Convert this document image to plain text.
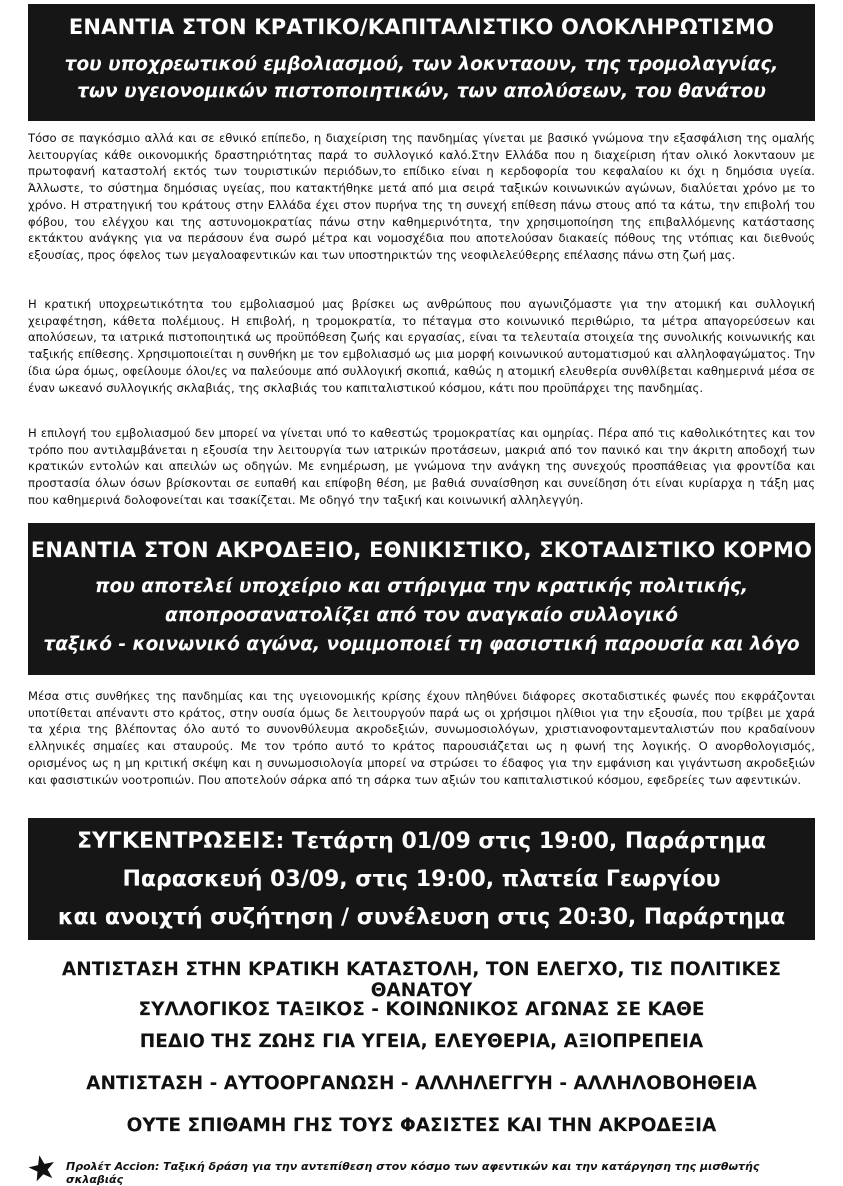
ΕΝΑΝΤΙΑ ΣΤΟΝ ΚΡΑΤΙΚΟ/ΚΑΠΙΤΑΛΙΣΤΙΚΟ ΟΛΟΚΛΗΡΩΤΙΣΜΟ

του υποχρεωτικού εμβολιασμού, των λοκνταουν, της τρομολαγνίας,

των υγειονομικών πιστοποιητικών, των απολύσεων, του θανάτου

Τόσο σε παγκόσμιο αλλά και σε εθνικό επίπεδο, η διαχείριση της πανδημίας γίνεται με βασικό γνώμονα την εξασφάλιση της ομαλής λειτουργίας κάθε οικονομικής δραστηριότητας παρά το συλλογικό καλό.Στην Ελλάδα που η διαχείριση ήταν ολικό λοκνταουν με πρωτοφανή καταστολή εκτός των τουριστικών περιόδων,το επίδικο είναι η κερδοφορία του κεφαλαίου κι όχι η δημόσια υγεία. Άλλωστε, το σύστημα δημόσιας υγείας, που κατακτήθηκε μετά από μια σειρά ταξικών κοινωνικών αγώνων, διαλύεται χρόνο με το χρόνο. Η στρατηγική του κράτους στην Ελλάδα έχει στον πυρήνα της τη συνεχή επίθεση πάνω στους από τα κάτω, την επιβολή του φόβου, του ελέγχου και της αστυνομοκρατίας πάνω στην καθημερινότητα, την χρησιμοποίηση της επιβαλλόμενης κατάστασης εκτάκτου ανάγκης για να περάσουν ένα σωρό μέτρα και νομοσχέδια που αποτελούσαν διακαείς πόθους της ντόπιας και διεθνούς εξουσίας, προς όφελος των μεγαλοαφεντικών και των υποστηρικτών της νεοφιλελεύθερης επέλασης πάνω στη ζωή μας.

Η κρατική υποχρεωτικότητα του εμβολιασμού μας βρίσκει ως ανθρώπους που αγωνιζόμαστε για την ατομική και συλλογική χειραφέτηση, κάθετα πολέμιους. Η επιβολή, η τρομοκρατία, το πέταγμα στο κοινωνικό περιθώριο, τα μέτρα απαγορεύσεων και απολύσεων, τα ιατρικά πιστοποιητικά ως προϋπόθεση ζωής και εργασίας, είναι τα τελευταία στοιχεία της συνολικής κοινωνικής και ταξικής επίθεσης. Χρησιμοποιείται η συνθήκη με τον εμβολιασμό ως μια μορφή κοινωνικού αυτοματισμού και αλληλοφαγώματος. Την ίδια ώρα όμως, οφείλουμε όλοι/ες να παλεύουμε από συλλογική σκοπιά, καθώς η ατομική ελευθερία συνθλίβεται καθημερινά μέσα σε έναν ωκεανό συλλογικής σκλαβιάς, της σκλαβιάς του καπιταλιστικού κόσμου, κάτι που προϋπάρχει της πανδημίας.

Η επιλογή του εμβολιασμού δεν μπορεί να γίνεται υπό το καθεστώς τρομοκρατίας και ομηρίας. Πέρα από τις καθολικότητες και τον τρόπο που αντιλαμβάνεται η εξουσία την λειτουργία των ιατρικών προτάσεων, μακριά από τον πανικό και την άκριτη αποδοχή των κρατικών εντολών και απειλών ως οδηγών. Με ενημέρωση, με γνώμονα την ανάγκη της συνεχούς προσπάθειας για φροντίδα και προστασία όλων όσων βρίσκονται σε ευπαθή και επίφοβη θέση, με βαθιά συναίσθηση και συνείδηση ότι είναι κυρίαρχα η τάξη μας που καθημερινά δολοφονείται και τσακίζεται. Με οδηγό την ταξική και κοινωνική αλληλεγγύη.

ΕΝΑΝΤΙΑ ΣΤΟΝ ΑΚΡΟΔΕΞΙΟ, ΕΘΝΙΚΙΣΤΙΚΟ, ΣΚΟΤΑΔΙΣΤΙΚΟ ΚΟΡΜΟ

που αποτελεί υποχείριο και στήριγμα την κρατικής πολιτικής,

αποπροσανατολίζει από τον αναγκαίο συλλογικό

ταξικό - κοινωνικό αγώνα, νομιμοποιεί τη φασιστική παρουσία και λόγο

Μέσα στις συνθήκες της πανδημίας και της υγειονομικής κρίσης έχουν πληθύνει διάφορες σκοταδιστικές φωνές που εκφράζονται υποτίθεται απέναντι στο κράτος, στην ουσία όμως δε λειτουργούν παρά ως οι χρήσιμοι ηλίθιοι για την εξουσία, που τρίβει με χαρά τα χέρια της βλέποντας όλο αυτό το συνονθύλευμα ακροδεξιών, συνωμοσιολόγων, χριστιανοφονταμενταλιστών που κραδαίνουν ελληνικές σημαίες και σταυρούς. Με τον τρόπο αυτό το κράτος παρουσιάζεται ως η φωνή της λογικής. Ο ανορθολογισμός, ορισμένος ως η μη κριτική σκέψη και η συνωμοσιολογία μπορεί να στρώσει το έδαφος για την εμφάνιση και γιγάντωση ακροδεξιών και φασιστικών νοοτροπιών. Που αποτελούν σάρκα από τη σάρκα των αξιών του καπιταλιστικού κόσμου, εφεδρείες των αφεντικών.

ΣΥΓΚΕΝΤΡΩΣΕΙΣ: Τετάρτη 01/09 στις 19:00, Παράρτημα
Παρασκευή 03/09, στις 19:00, πλατεία Γεωργίου
και ανοιχτή συζήτηση / συνέλευση στις 20:30, Παράρτημα
ΑΝΤΙΣΤΑΣΗ ΣΤΗΝ ΚΡΑΤΙΚΗ ΚΑΤΑΣΤΟΛΗ, ΤΟΝ ΕΛΕΓΧΟ, ΤΙΣ ΠΟΛΙΤΙΚΕΣ ΘΑΝΑΤΟΥ
ΣΥΛΛΟΓΙΚΟΣ ΤΑΞΙΚΟΣ - ΚΟΙΝΩΝΙΚΟΣ ΑΓΩΝΑΣ ΣΕ ΚΑΘΕ
ΠΕΔΙΟ ΤΗΣ ΖΩΗΣ ΓΙΑ ΥΓΕΙΑ, ΕΛΕΥΘΕΡΙΑ, ΑΞΙΟΠΡΕΠΕΙΑ
ΑΝΤΙΣΤΑΣΗ - ΑΥΤΟΟΡΓΑΝΩΣΗ - ΑΛΛΗΛΕΓΓΥΗ - ΑΛΛΗΛΟΒΟΗΘΕΙΑ
ΟΥΤΕ ΣΠΙΘΑΜΗ ΓΗΣ ΤΟΥΣ ΦΑΣΙΣΤΕΣ ΚΑΙ ΤΗΝ ΑΚΡΟΔΕΞΙΑ
Προλέτ Accion: Ταξική δράση για την αντεπίθεση στον κόσμο των αφεντικών και την κατάργηση της μισθωτής σκλαβιάς
